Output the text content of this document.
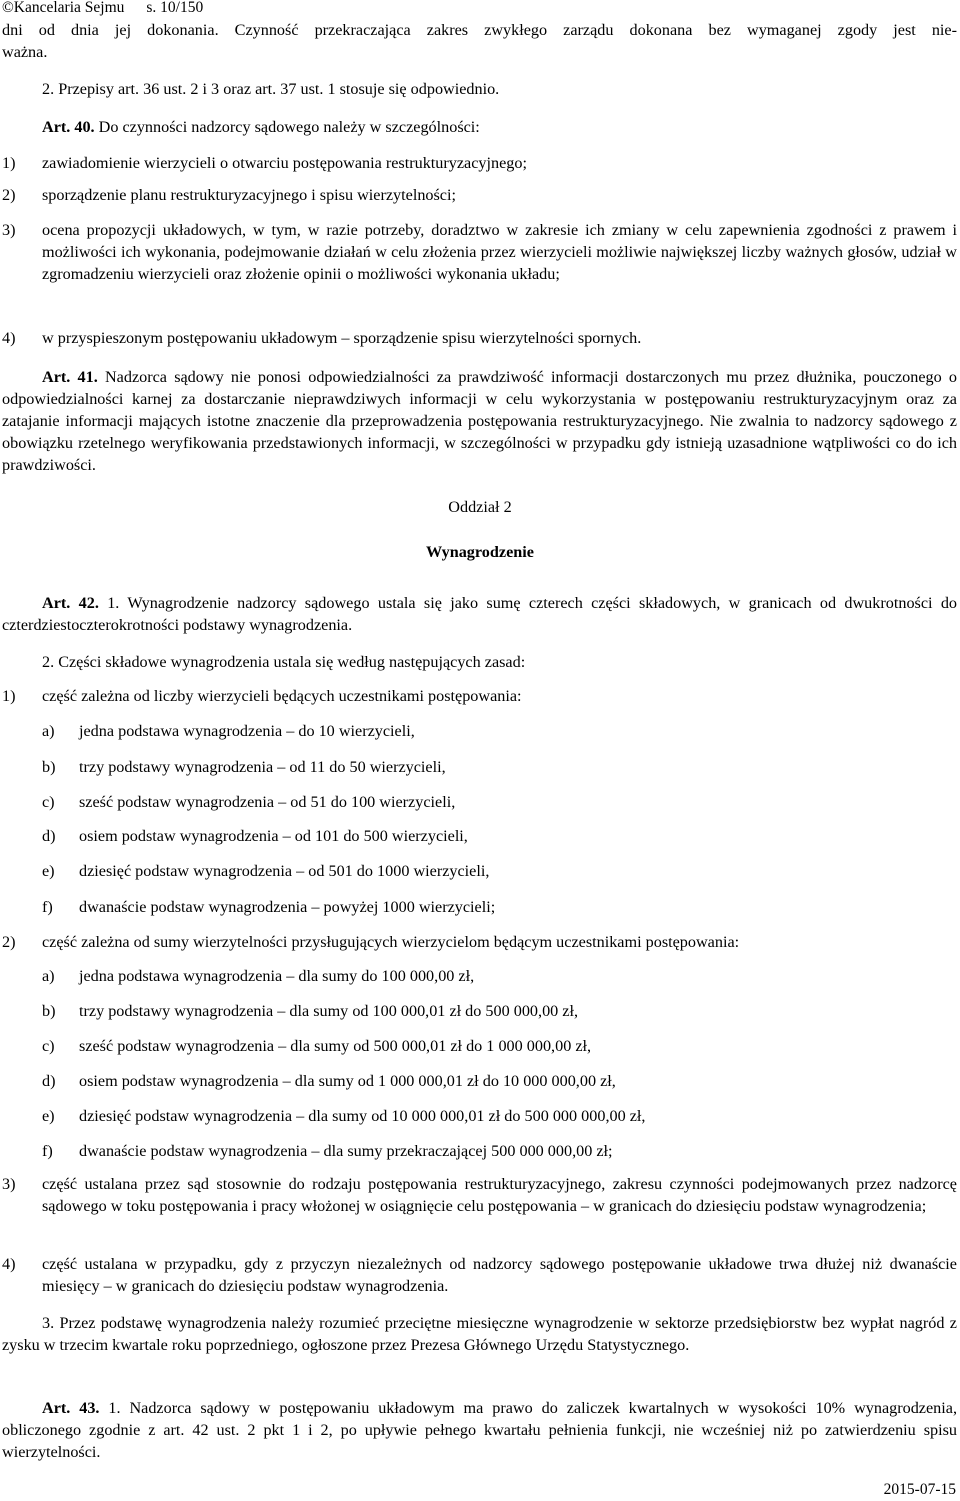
©Kancelaria Sejmu s. 10/150
dni od dnia jej dokonania. Czynność przekraczająca zakres zwykłego zarządu dokonana bez wymaganej zgody jest nie-
ważna.
2. Przepisy art. 36 ust. 2 i 3 oraz art. 37 ust. 1 stosuje się odpowiednio.
Art. 40. Do czynności nadzorcy sądowego należy w szczególności:
1) zawiadomienie wierzycieli o otwarciu postępowania restrukturyzacyjnego;
2) sporządzenie planu restrukturyzacyjnego i spisu wierzytelności;
3) ocena propozycji układowych, w tym, w razie potrzeby, doradztwo w zakresie ich zmiany w celu zapewnienia zgodności z prawem i możliwości ich wykonania, podejmowanie działań w celu złożenia przez wierzycieli możliwie największej liczby ważnych głosów, udział w zgromadzeniu wierzycieli oraz złożenie opinii o możliwości wykonania układu;
4) w przyspieszonym postępowaniu układowym – sporządzenie spisu wierzytelności spornych.
Art. 41. Nadzorca sądowy nie ponosi odpowiedzialności za prawdziwość informacji dostarczonych mu przez dłużnika, pouczonego o odpowiedzialności karnej za dostarczanie nieprawdziwych informacji w celu wykorzystania w postępowaniu restrukturyzacyjnym oraz za zatajanie informacji mających istotne znaczenie dla przeprowadzenia postępowania restrukturyzacyjnego. Nie zwalnia to nadzorcy sądowego z obowiązku rzetelnego weryfikowania przedstawionych informacji, w szczególności w przypadku gdy istnieją uzasadnione wątpliwości co do ich prawdziwości.
Oddział 2
Wynagrodzenie
Art. 42. 1. Wynagrodzenie nadzorcy sądowego ustala się jako sumę czterech części składowych, w granicach od dwukrotności do czterdziestoczterokrotności podstawy wynagrodzenia.
2. Części składowe wynagrodzenia ustala się według następujących zasad:
1) część zależna od liczby wierzycieli będących uczestnikami postępowania:
a) jedna podstawa wynagrodzenia – do 10 wierzycieli,
b) trzy podstawy wynagrodzenia – od 11 do 50 wierzycieli,
c) sześć podstaw wynagrodzenia – od 51 do 100 wierzycieli,
d) osiem podstaw wynagrodzenia – od 101 do 500 wierzycieli,
e) dziesięć podstaw wynagrodzenia – od 501 do 1000 wierzycieli,
f) dwanaście podstaw wynagrodzenia – powyżej 1000 wierzycieli;
2) część zależna od sumy wierzytelności przysługujących wierzycielom będącym uczestnikami postępowania:
a) jedna podstawa wynagrodzenia – dla sumy do 100 000,00 zł,
b) trzy podstawy wynagrodzenia – dla sumy od 100 000,01 zł do 500 000,00 zł,
c) sześć podstaw wynagrodzenia – dla sumy od 500 000,01 zł do 1 000 000,00 zł,
d) osiem podstaw wynagrodzenia – dla sumy od 1 000 000,01 zł do 10 000 000,00 zł,
e) dziesięć podstaw wynagrodzenia – dla sumy od 10 000 000,01 zł do 500 000 000,00 zł,
f) dwanaście podstaw wynagrodzenia – dla sumy przekraczającej 500 000 000,00 zł;
3) część ustalana przez sąd stosownie do rodzaju postępowania restrukturyzacyjnego, zakresu czynności podejmowanych przez nadzorcę sądowego w toku postępowania i pracy włożonej w osiągnięcie celu postępowania – w granicach do dziesięciu podstaw wynagrodzenia;
4) część ustalana w przypadku, gdy z przyczyn niezależnych od nadzorcy sądowego postępowanie układowe trwa dłużej niż dwanaście miesięcy – w granicach do dziesięciu podstaw wynagrodzenia.
3. Przez podstawę wynagrodzenia należy rozumieć przeciętne miesięczne wynagrodzenie w sektorze przedsiębiorstw bez wypłat nagród z zysku w trzecim kwartale roku poprzedniego, ogłoszone przez Prezesa Głównego Urzędu Statystycznego.
Art. 43. 1. Nadzorca sądowy w postępowaniu układowym ma prawo do zaliczek kwartalnych w wysokości 10% wynagrodzenia, obliczonego zgodnie z art. 42 ust. 2 pkt 1 i 2, po upływie pełnego kwartału pełnienia funkcji, nie wcześniej niż po zatwierdzeniu spisu wierzytelności.
2015-07-15
